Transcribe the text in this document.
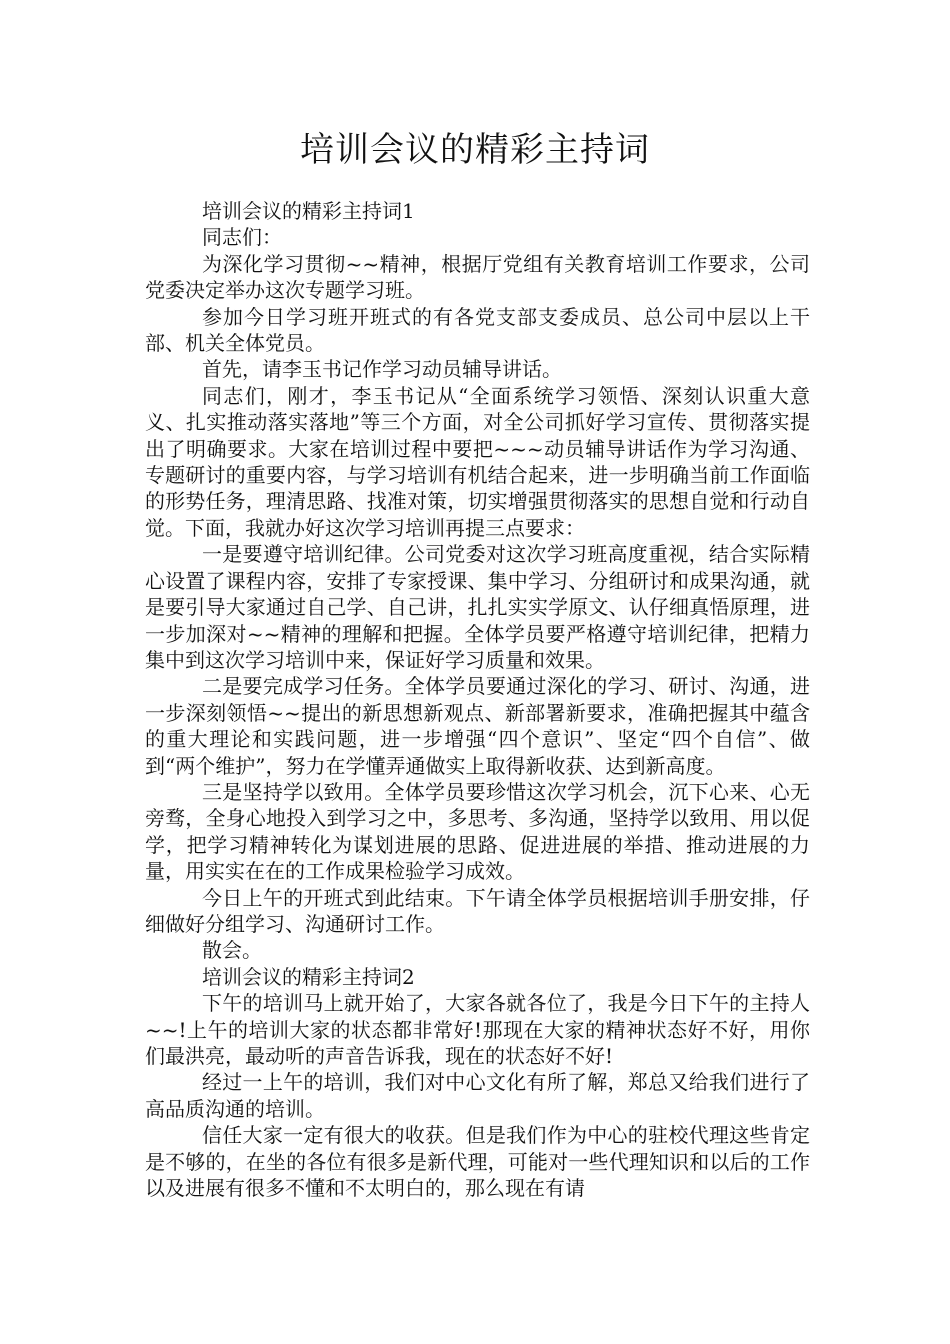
培训会议的精彩主持词

培训会议的精彩主持词1

同志们：

为深化学习贯彻~~精神，根据厅党组有关教育培训工作要求，公司党委决定举办这次专题学习班。

参加今日学习班开班式的有各党支部支委成员、总公司中层以上干部、机关全体党员。

首先，请李玉书记作学习动员辅导讲话。

同志们，刚才，李玉书记从“全面系统学习领悟、深刻认识重大意义、扎实推动落实落地”等三个方面，对全公司抓好学习宣传、贯彻落实提出了明确要求。大家在培训过程中要把~~~动员辅导讲话作为学习沟通、专题研讨的重要内容，与学习培训有机结合起来，进一步明确当前工作面临的形势任务，理清思路、找准对策，切实增强贯彻落实的思想自觉和行动自觉。下面，我就办好这次学习培训再提三点要求：

一是要遵守培训纪律。公司党委对这次学习班高度重视，结合实际精心设置了课程内容，安排了专家授课、集中学习、分组研讨和成果沟通，就是要引导大家通过自己学、自己讲，扎扎实实学原文、认仔细真悟原理，进一步加深对~~精神的理解和把握。全体学员要严格遵守培训纪律，把精力集中到这次学习培训中来，保证好学习质量和效果。

二是要完成学习任务。全体学员要通过深化的学习、研讨、沟通，进一步深刻领悟~~提出的新思想新观点、新部署新要求，准确把握其中蕴含的重大理论和实践问题，进一步增强“四个意识”、坚定“四个自信”、做到“两个维护”，努力在学懂弄通做实上取得新收获、达到新高度。

三是坚持学以致用。全体学员要珍惜这次学习机会，沉下心来、心无旁骛，全身心地投入到学习之中，多思考、多沟通，坚持学以致用、用以促学，把学习精神转化为谋划进展的思路、促进进展的举措、推动进展的力量，用实实在在的工作成果检验学习成效。

今日上午的开班式到此结束。下午请全体学员根据培训手册安排，仔细做好分组学习、沟通研讨工作。

散会。

培训会议的精彩主持词2

下午的培训马上就开始了，大家各就各位了，我是今日下午的主持人~~!上午的培训大家的状态都非常好!那现在大家的精神状态好不好，用你们最洪亮，最动听的声音告诉我，现在的状态好不好!

经过一上午的培训，我们对中心文化有所了解，郑总又给我们进行了高品质沟通的培训。

信任大家一定有很大的收获。但是我们作为中心的驻校代理这些肯定是不够的，在坐的各位有很多是新代理，可能对一些代理知识和以后的工作以及进展有很多不懂和不太明白的，那么现在有请
